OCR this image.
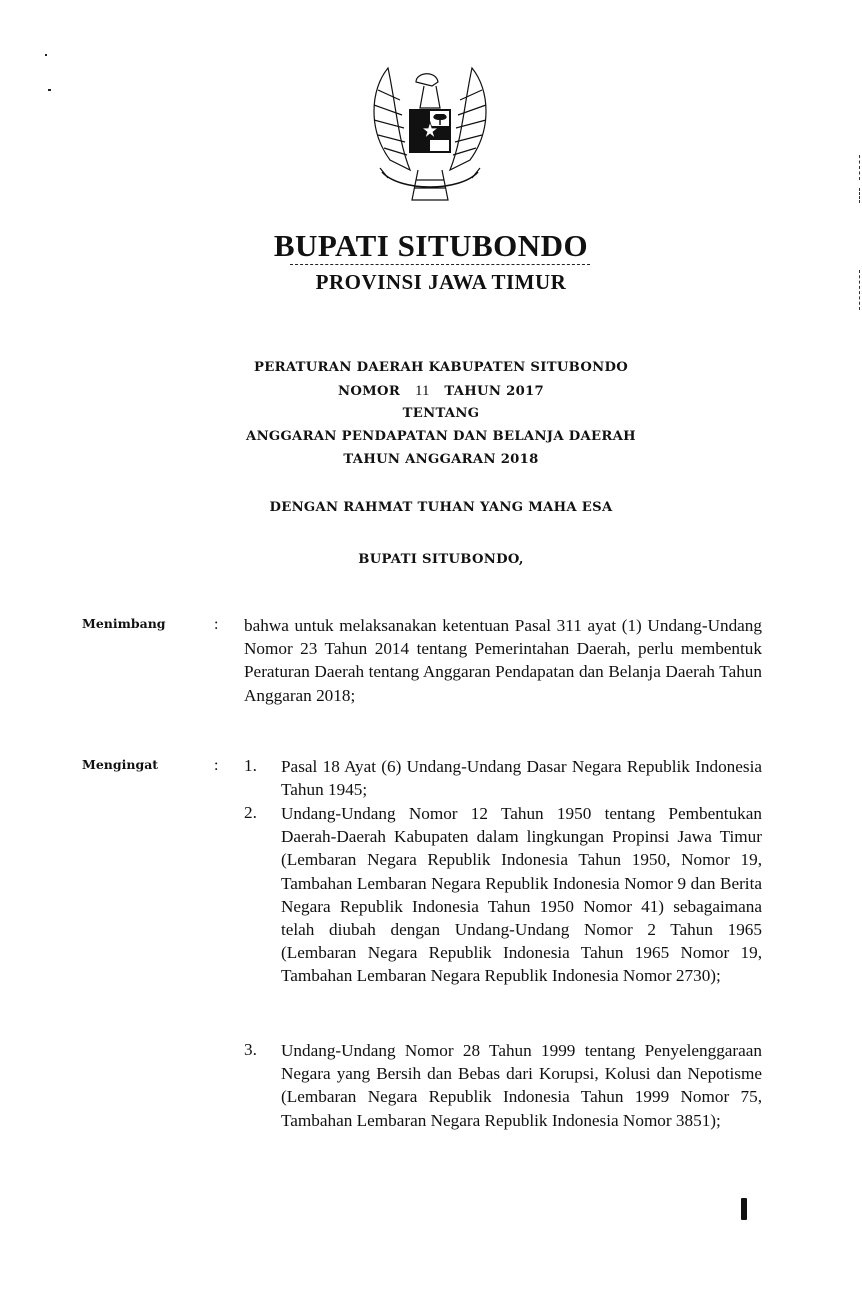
BUPATI SITUBONDO
PROVINSI JAWA TIMUR
PERATURAN DAERAH KABUPATEN SITUBONDO
NOMOR 11 TAHUN 2017
TENTANG
ANGGARAN PENDAPATAN DAN BELANJA DAERAH
TAHUN ANGGARAN 2018
DENGAN RAHMAT TUHAN YANG MAHA ESA
BUPATI SITUBONDO,
Menimbang	: bahwa untuk melaksanakan ketentuan Pasal 311 ayat (1) Undang-Undang Nomor 23 Tahun 2014 tentang Pemerintahan Daerah, perlu membentuk Peraturan Daerah tentang Anggaran Pendapatan dan Belanja Daerah Tahun Anggaran 2018;
Mengingat	: 1. Pasal 18 Ayat (6) Undang-Undang Dasar Negara Republik Indonesia Tahun 1945;
2. Undang-Undang Nomor 12 Tahun 1950 tentang Pembentukan Daerah-Daerah Kabupaten dalam lingkungan Propinsi Jawa Timur (Lembaran Negara Republik Indonesia Tahun 1950, Nomor 19, Tambahan Lembaran Negara Republik Indonesia Nomor 9 dan Berita Negara Republik Indonesia Tahun 1950 Nomor 41) sebagaimana telah diubah dengan Undang-Undang Nomor 2 Tahun 1965 (Lembaran Negara Republik Indonesia Tahun 1965 Nomor 19, Tambahan Lembaran Negara Republik Indonesia Nomor 2730);
3. Undang-Undang Nomor 28 Tahun 1999 tentang Penyelenggaraan Negara yang Bersih dan Bebas dari Korupsi, Kolusi dan Nepotisme (Lembaran Negara Republik Indonesia Tahun 1999 Nomor 75, Tambahan Lembaran Negara Republik Indonesia Nomor 3851);
